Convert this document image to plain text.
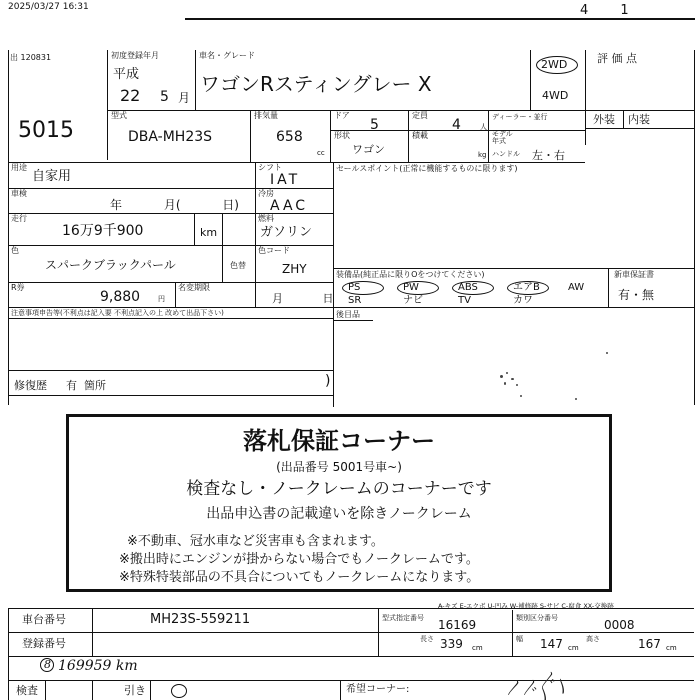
2025/03/27 16:31	4 1
出 120831
5015
初度登録年月
平成
22 5 月
車名・グレード
ワゴンRスティングレー X
2WD
4WD
評 価 点
外装 内装
型式
DBA-MH23S
排気量
658
cc
ドア
5
定員
4	人
ディーラー・並行
形状
ワゴン
積載
kg
モデル年式
ハンドル 左・右
用途
自家用
シフト
IAT
セールスポイント(正常に機能するものに限ります)
車検
年 月( 日)
冷房
AAC
走行
16万9千900	km
燃料
ガソリン
色
スパークブラックパール	色替
色コード
ZHY
R券
9,880	円
名変期限
月 日
装備品(純正品に限りOをつけてください)	新車保証書
有・無
PS	PW	ABS	エアB	AW
SR	ナビ	TV	カワ
後目品
注意事項申告等(不利点は記入要 不利点記入の上 改めて出品下さい)
修復歴 有 箇所	)
落札保証コーナー
(出品番号 5001号車~)
検査なし・ノークレームのコーナーです
出品申込書の記載違いを除きノークレーム
※不動車、冠水車など災害車も含まれます。
※搬出時にエンジンが掛からない場合でもノークレームです。
※特殊特装部品の不具合についてもノークレームになります。
車台番号	MH23S-559211
A-キズ E-エクボ U-凹み W-補修跡 S-サビ C-腐食 XX-交換跡
型式指定番号 16169	類別区分番号	0008
登録番号	長さ 339 cm
幅 147 cm
高さ	167 cm
8 169959 km
検査	引き	希望コーナー:	〳〴〲〵
